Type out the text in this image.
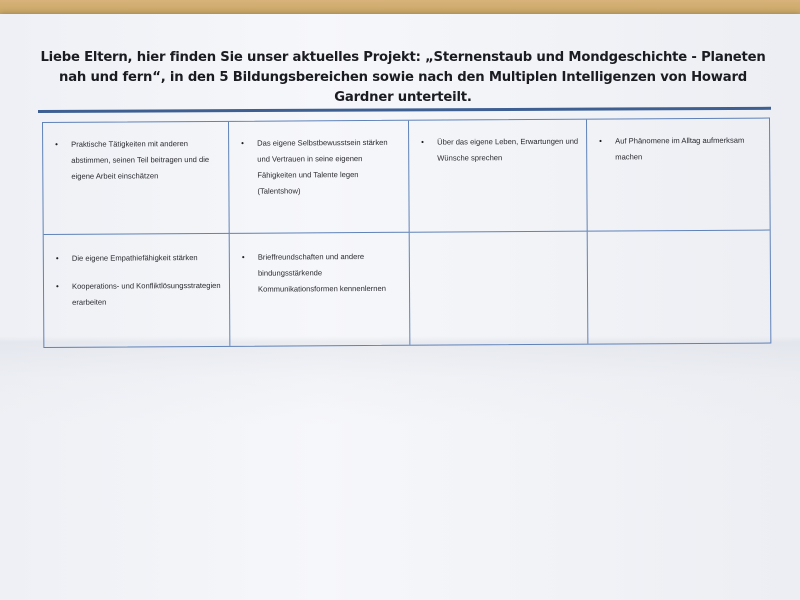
Liebe Eltern, hier finden Sie unser aktuelles Projekt: „Sternenstaub und Mondgeschichte - Planeten nah und fern“, in den 5 Bildungsbereichen sowie nach den Multiplen Intelligenzen von Howard Gardner unterteilt.
• Praktische Tätigkeiten mit anderen abstimmen, seinen Teil beitragen und die eigene Arbeit einschätzen
• Das eigene Selbstbewusstsein stärken und Vertrauen in seine eigenen Fähigkeiten und Talente legen (Talentshow)
• Über das eigene Leben, Erwartungen und Wünsche sprechen
• Auf Phänomene im Alltag aufmerksam machen
• Die eigene Empathiefähigkeit stärken
• Kooperations- und Konfliktlösungsstrategien erarbeiten
• Brieffreundschaften und andere bindungsstärkende Kommunikationsformen kennenlernen
